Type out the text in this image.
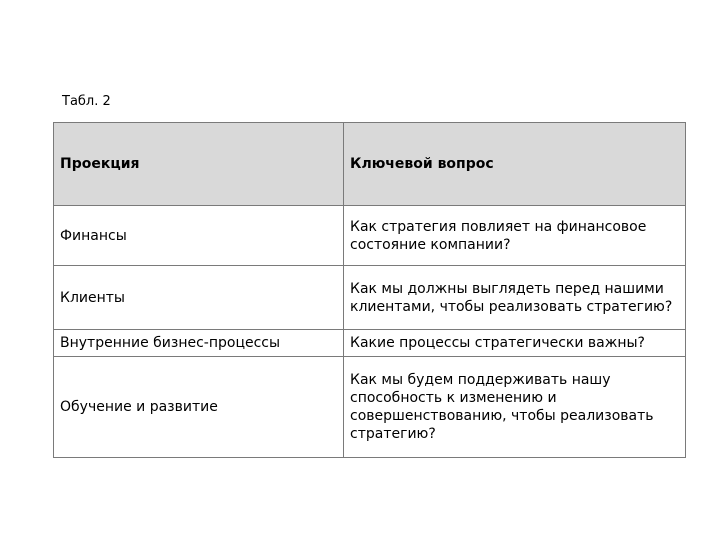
Табл. 2

Проекция	Ключевой вопрос
Финансы	Как стратегия повлияет на финансовое состояние компании?
Клиенты	Как мы должны выглядеть перед нашими клиентами, чтобы реализовать стратегию?
Внутренние бизнес-процессы	Какие процессы стратегически важны?
Обучение и развитие	Как мы будем поддерживать нашу способность к изменению и совершенствованию, чтобы реализовать стратегию?
